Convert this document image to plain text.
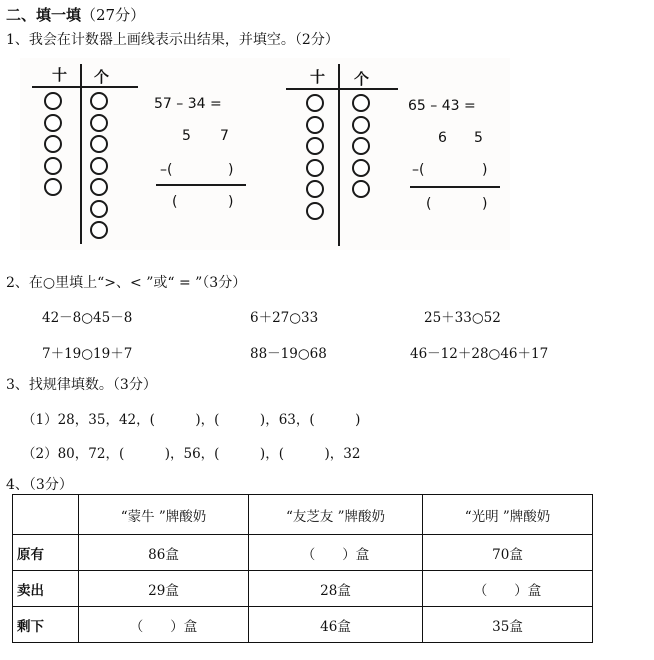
二、填一填（27分）
1、我会在计数器上画线表示出结果，并填空。（2分）
十 个
57 – 34 =
5 7
–(	)
(	)
十 个
65 – 43 =
6 5
–(	)
(	)
2、在○里填上“>、< ”或“ = ”（3分）
42－8○45－8	6＋27○33	25＋33○52
7＋19○19＋7	88－19○68	46－12＋28○46＋17
3、找规律填数。（3分）
（1）28，35，42，(　　　)，(　　　)，63，(　　　)
（2）80，72，(　　　)，56，(　　　)，(　　　)，32
4、（3分）
	“蒙牛 ”牌酸奶	“友芝友 ”牌酸奶	“光明 ”牌酸奶
原有	86盒	（　　）盒	70盒
卖出	29盒	28盒	（　　）盒
剩下	（　　）盒	46盒	35盒
